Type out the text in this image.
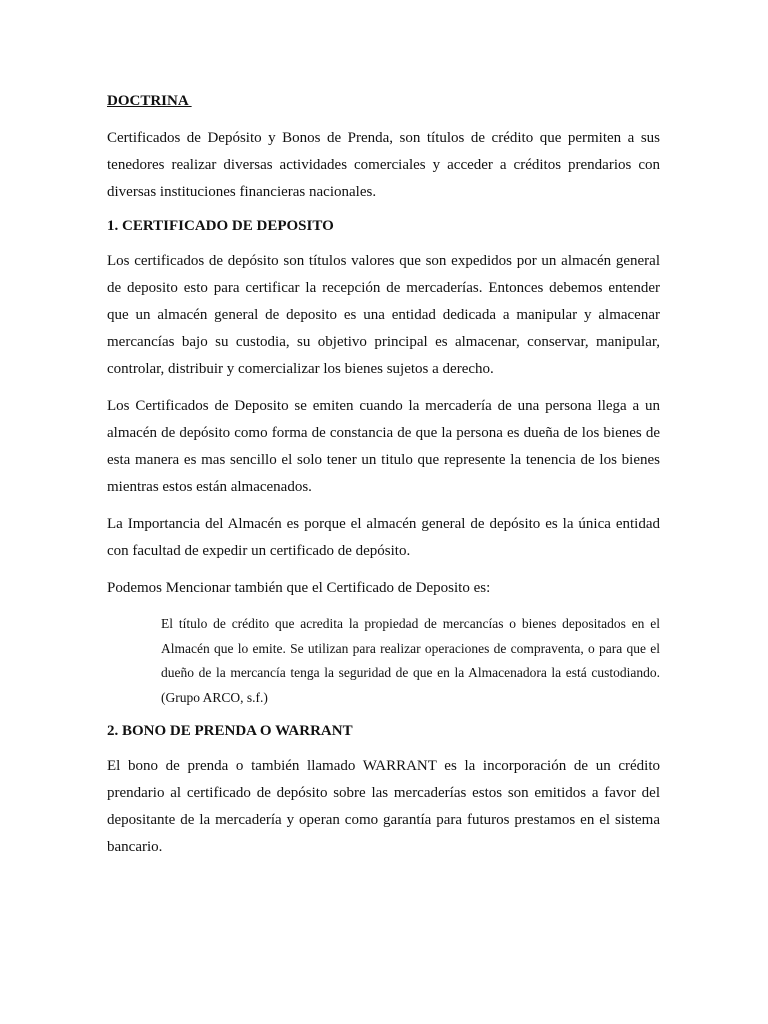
DOCTRINA

Certificados de Depósito y Bonos de Prenda, son títulos de crédito que permiten a sus tenedores realizar diversas actividades comerciales y acceder a créditos prendarios con diversas instituciones financieras nacionales.

1. CERTIFICADO DE DEPOSITO

Los certificados de depósito son títulos valores que son expedidos por un almacén general de deposito esto para certificar la recepción de mercaderías. Entonces debemos entender que un almacén general de deposito es una entidad dedicada a manipular y almacenar mercancías bajo su custodia, su objetivo principal es almacenar, conservar, manipular, controlar, distribuir y comercializar los bienes sujetos a derecho.

Los Certificados de Deposito se emiten cuando la mercadería de una persona llega a un almacén de depósito como forma de constancia de que la persona es dueña de los bienes de esta manera es mas sencillo el solo tener un titulo que represente la tenencia de los bienes mientras estos están almacenados.

La Importancia del Almacén es porque el almacén general de depósito es la única entidad con facultad de expedir un certificado de depósito.

Podemos Mencionar también que el Certificado de Deposito es:

El título de crédito que acredita la propiedad de mercancías o bienes depositados en el Almacén que lo emite. Se utilizan para realizar operaciones de compraventa, o para que el dueño de la mercancía tenga la seguridad de que en la Almacenadora la está custodiando. (Grupo ARCO, s.f.)

2. BONO DE PRENDA O WARRANT

El bono de prenda o también llamado WARRANT es la incorporación de un crédito prendario al certificado de depósito sobre las mercaderías estos son emitidos a favor del depositante de la mercadería y operan como garantía para futuros prestamos en el sistema bancario.
